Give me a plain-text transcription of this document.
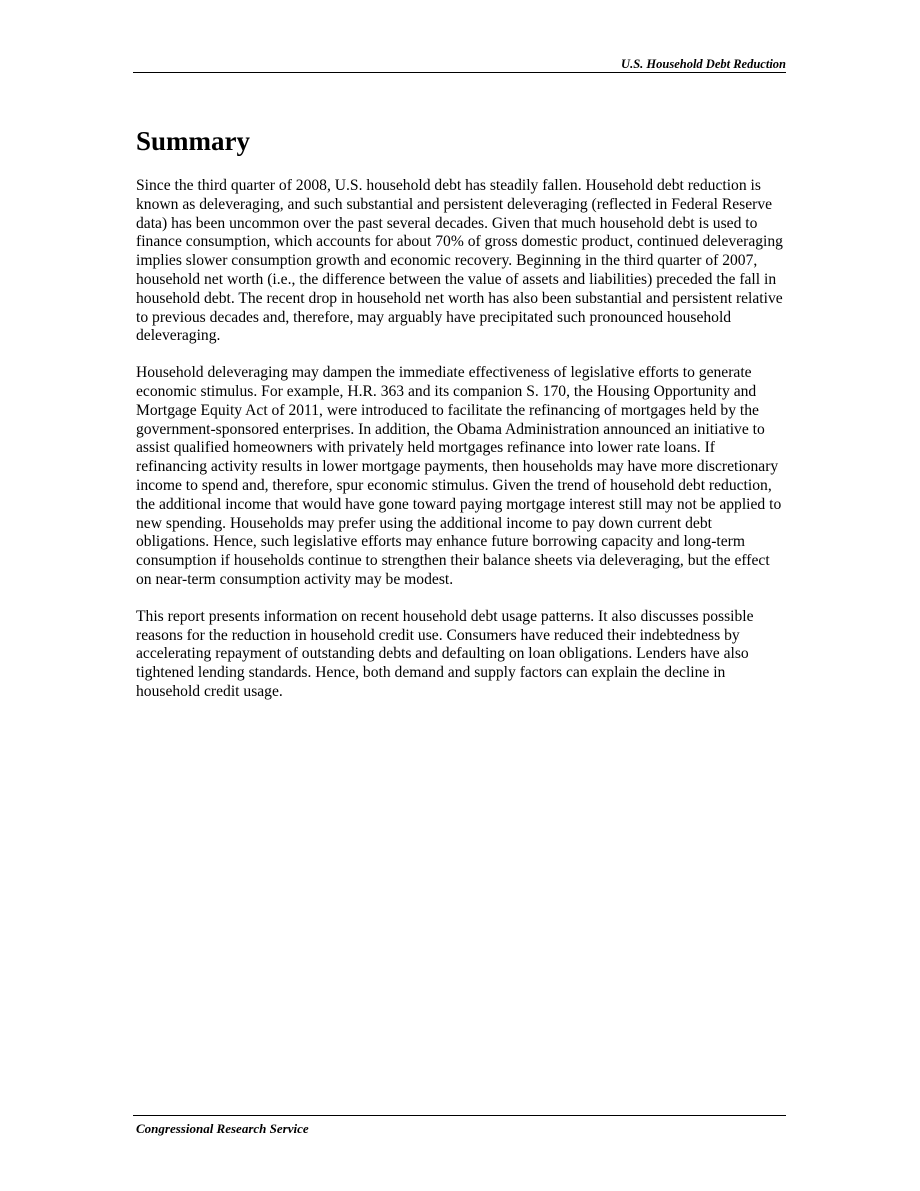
U.S. Household Debt Reduction
Summary

Since the third quarter of 2008, U.S. household debt has steadily fallen. Household debt reduction is known as deleveraging, and such substantial and persistent deleveraging (reflected in Federal Reserve data) has been uncommon over the past several decades. Given that much household debt is used to finance consumption, which accounts for about 70% of gross domestic product, continued deleveraging implies slower consumption growth and economic recovery. Beginning in the third quarter of 2007, household net worth (i.e., the difference between the value of assets and liabilities) preceded the fall in household debt. The recent drop in household net worth has also been substantial and persistent relative to previous decades and, therefore, may arguably have precipitated such pronounced household deleveraging.

Household deleveraging may dampen the immediate effectiveness of legislative efforts to generate economic stimulus. For example, H.R. 363 and its companion S. 170, the Housing Opportunity and Mortgage Equity Act of 2011, were introduced to facilitate the refinancing of mortgages held by the government-sponsored enterprises. In addition, the Obama Administration announced an initiative to assist qualified homeowners with privately held mortgages refinance into lower rate loans. If refinancing activity results in lower mortgage payments, then households may have more discretionary income to spend and, therefore, spur economic stimulus. Given the trend of household debt reduction, the additional income that would have gone toward paying mortgage interest still may not be applied to new spending. Households may prefer using the additional income to pay down current debt obligations. Hence, such legislative efforts may enhance future borrowing capacity and long-term consumption if households continue to strengthen their balance sheets via deleveraging, but the effect on near-term consumption activity may be modest.

This report presents information on recent household debt usage patterns. It also discusses possible reasons for the reduction in household credit use. Consumers have reduced their indebtedness by accelerating repayment of outstanding debts and defaulting on loan obligations. Lenders have also tightened lending standards. Hence, both demand and supply factors can explain the decline in household credit usage.

Congressional Research Service
